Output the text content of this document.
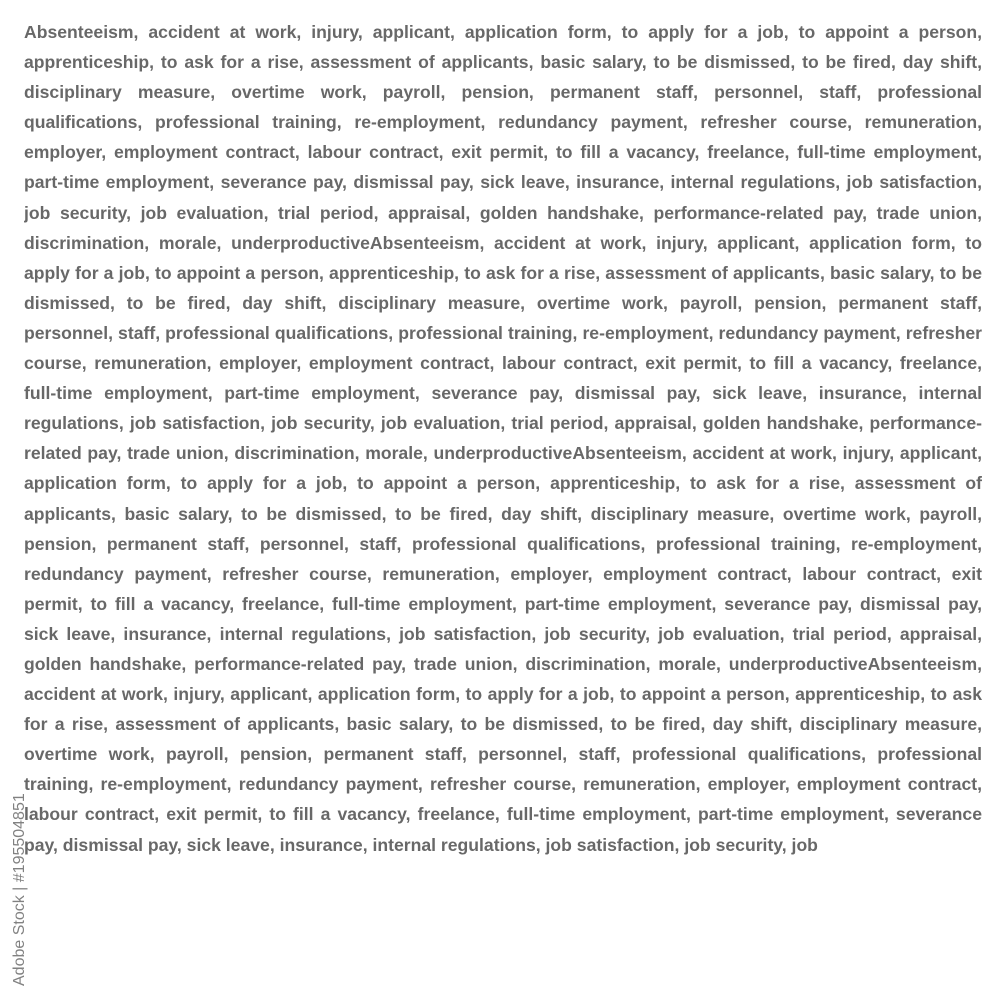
Absenteeism, accident at work, injury, applicant, application form, to apply for a job, to appoint a person, apprenticeship, to ask for a rise, assessment of applicants, basic salary, to be dismissed, to be fired, day shift, disciplinary measure, overtime work, payroll, pension, permanent staff, personnel, staff, professional qualifications, professional training, re-employment, redundancy payment, refresher course, remuneration, employer, employment contract, labour contract, exit permit, to fill a vacancy, freelance, full-time employment, part-time employment, severance pay, dismissal pay, sick leave, insurance, internal regulations, job satisfaction, job security, job evaluation, trial period, appraisal, golden handshake, performance-related pay, trade union, discrimination, morale, underproductiveAbsenteeism, accident at work, injury, applicant, application form, to apply for a job, to appoint a person, apprenticeship, to ask for a rise, assessment of applicants, basic salary, to be dismissed, to be fired, day shift, disciplinary measure, overtime work, payroll, pension, permanent staff, personnel, staff, professional qualifications, professional training, re-employment, redundancy payment, refresher course, remuneration, employer, employment contract, labour contract, exit permit, to fill a vacancy, freelance, full-time employment, part-time employment, severance pay, dismissal pay, sick leave, insurance, internal regulations, job satisfaction, job security, job evaluation, trial period, appraisal, golden handshake, performance-related pay, trade union, discrimination, morale, underproductiveAbsenteeism, accident at work, injury, applicant, application form, to apply for a job, to appoint a person, apprenticeship, to ask for a rise, assessment of applicants, basic salary, to be dismissed, to be fired, day shift, disciplinary measure, overtime work, payroll, pension, permanent staff, personnel, staff, professional qualifications, professional training, re-employment, redundancy payment, refresher course, remuneration, employer, employment contract, labour contract, exit permit, to fill a vacancy, freelance, full-time employment, part-time employment, severance pay, dismissal pay, sick leave, insurance, internal regulations, job satisfaction, job security, job evaluation, trial period, appraisal, golden handshake, performance-related pay, trade union, discrimination, morale, underproductiveAbsenteeism, accident at work, injury, applicant, application form, to apply for a job, to appoint a person, apprenticeship, to ask for a rise, assessment of applicants, basic salary, to be dismissed, to be fired, day shift, disciplinary measure, overtime work, payroll, pension, permanent staff, personnel, staff, professional qualifications, professional training, re-employment, redundancy payment, refresher course, remuneration, employer, employment contract, labour contract, exit permit, to fill a vacancy, freelance, full-time employment, part-time employment, severance pay, dismissal pay, sick leave, insurance, internal regulations, job satisfaction, job security, job

Adobe Stock | #195504851
